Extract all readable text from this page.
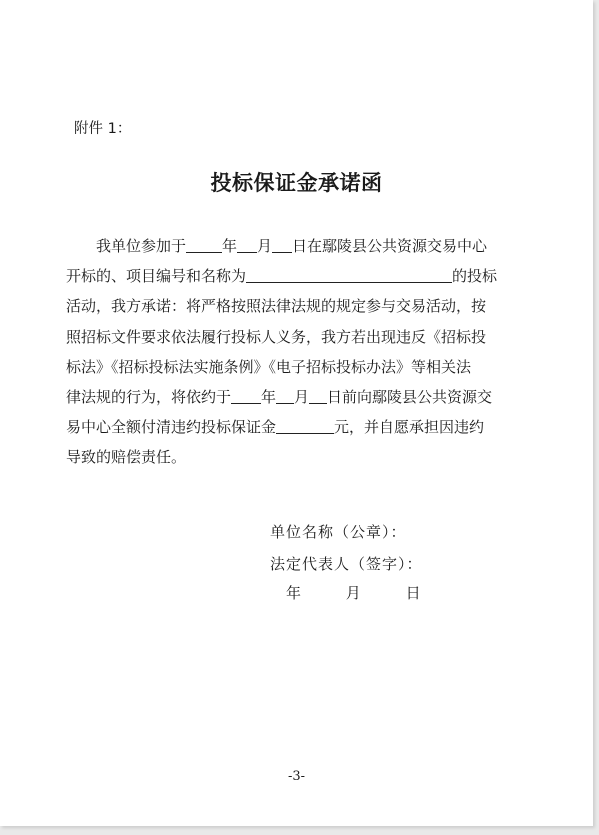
附件 1：
投标保证金承诺函
我单位参加于 年 月 日在鄢陵县公共资源交易中心
开标的、项目编号和名称为	的投标
活动，我方承诺：将严格按照法律法规的规定参与交易活动，按
照招标文件要求依法履行投标人义务，我方若出现违反《招标投
标法》《招标投标法实施条例》《电子招标投标办法》等相关法
律法规的行为，将依约于 年 月 日前向鄢陵县公共资源交
易中心全额付清违约投标保证金	元，并自愿承担因违约
导致的赔偿责任。
单位名称（公章）：
法定代表人（签字）：
年	月	日
-3-
